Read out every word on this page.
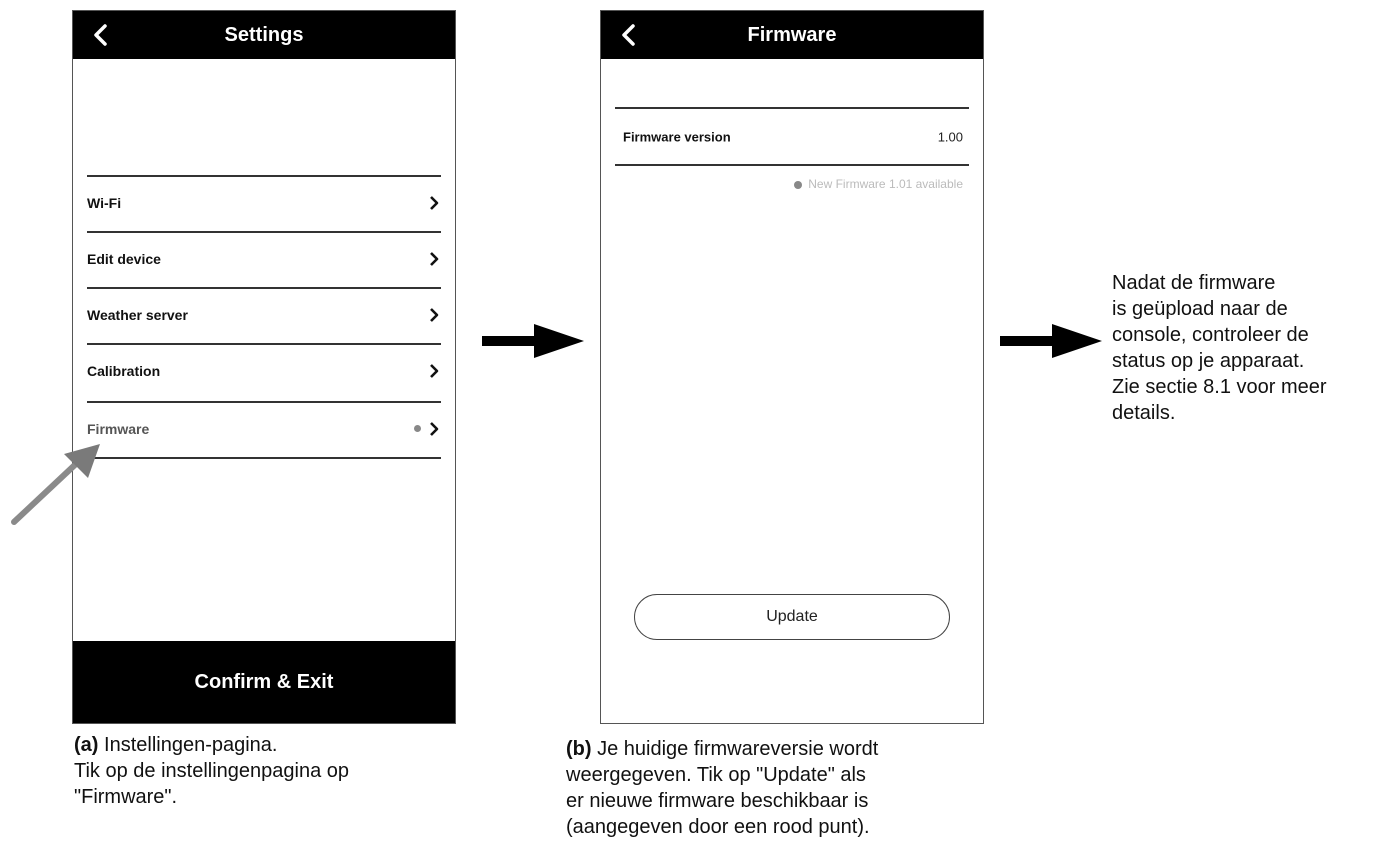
Settings
Wi-Fi
Edit device
Weather server
Calibration
Firmware
Confirm & Exit
Firmware
Firmware version	1.00
New Firmware 1.01 available
Update
(a) Instellingen-pagina.
Tik op de instellingenpagina op
"Firmware".
(b) Je huidige firmwareversie wordt
weergegeven. Tik op "Update" als
er nieuwe firmware beschikbaar is
(aangegeven door een rood punt).
Nadat de firmware
is geüpload naar de
console, controleer de
status op je apparaat.
Zie sectie 8.1 voor meer
details.
